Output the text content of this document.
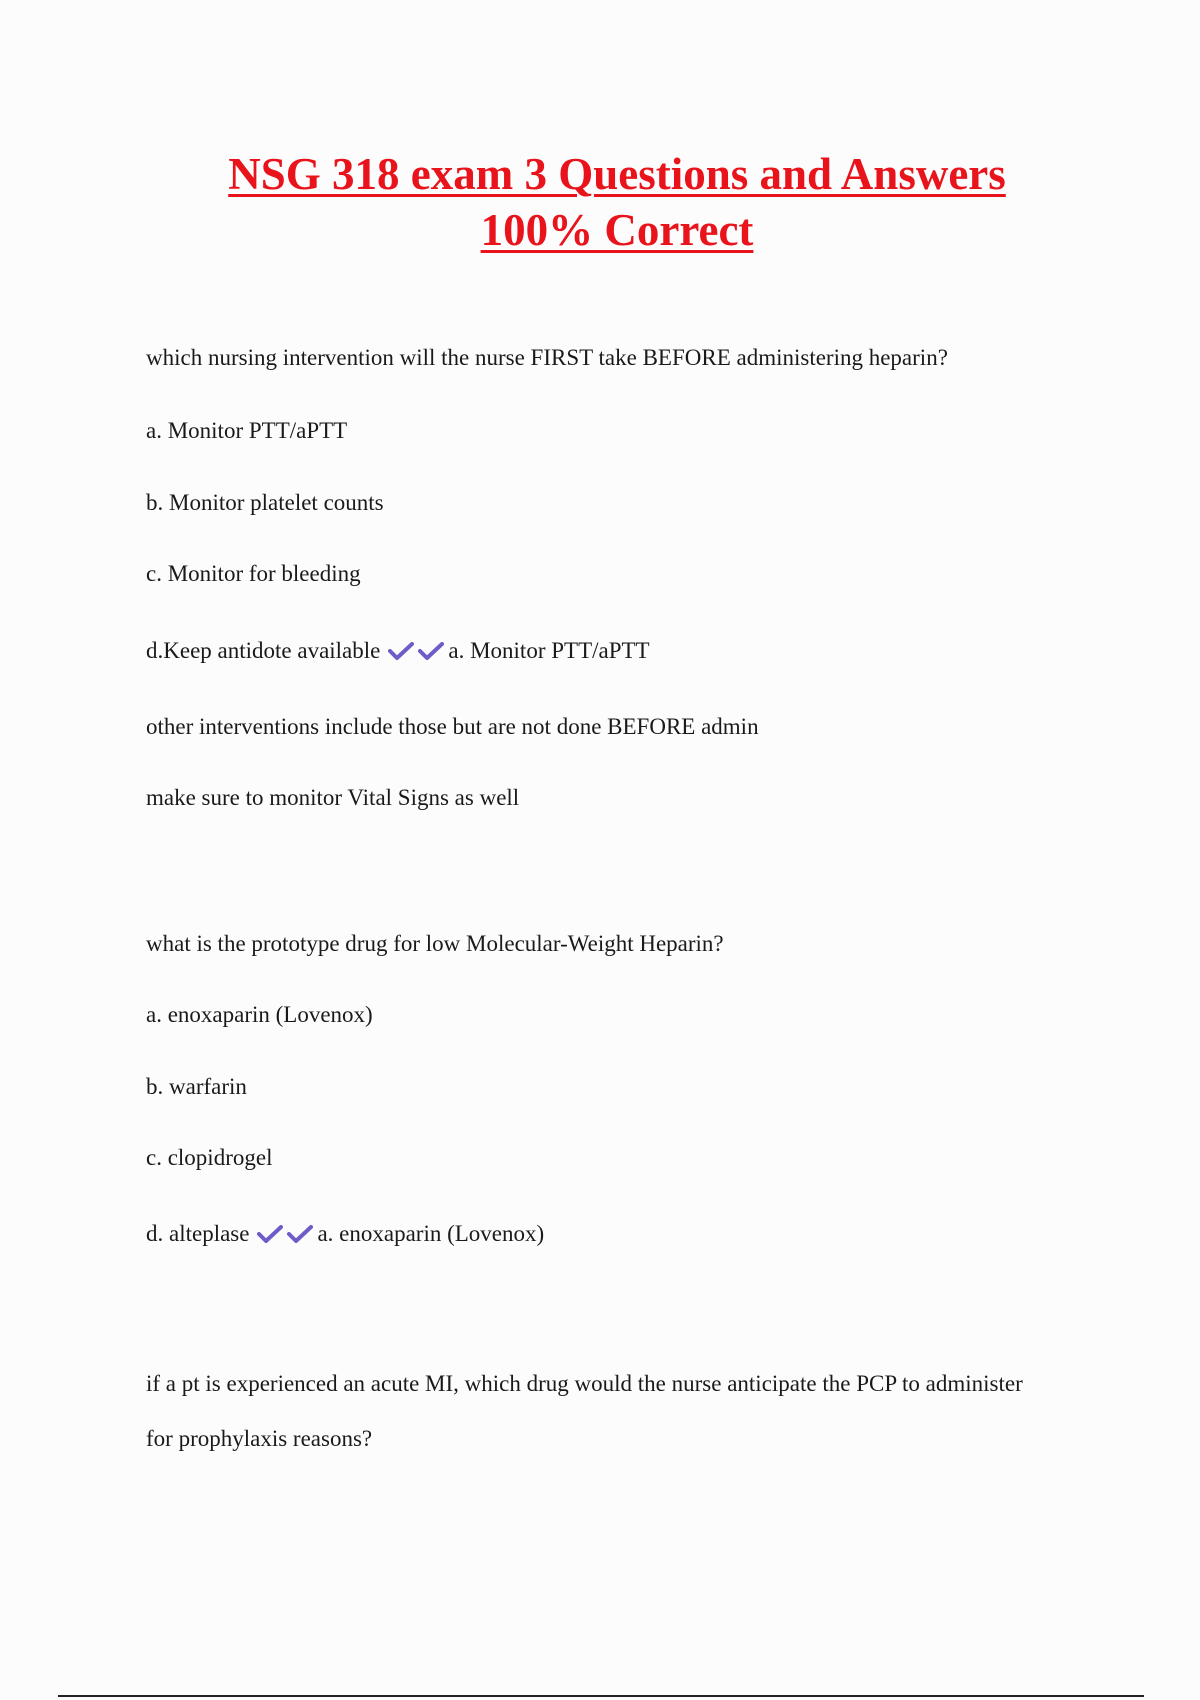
NSG 318 exam 3 Questions and Answers
100% Correct

which nursing intervention will the nurse FIRST take BEFORE administering heparin?

a. Monitor PTT/aPTT

b. Monitor platelet counts

c. Monitor for bleeding

d.Keep antidote available	a. Monitor PTT/aPTT

other interventions include those but are not done BEFORE admin

make sure to monitor Vital Signs as well

what is the prototype drug for low Molecular-Weight Heparin?

a. enoxaparin (Lovenox)

b. warfarin

c. clopidrogel

d. alteplase	a. enoxaparin (Lovenox)

if a pt is experienced an acute MI, which drug would the nurse anticipate the PCP to administer

for prophylaxis reasons?
